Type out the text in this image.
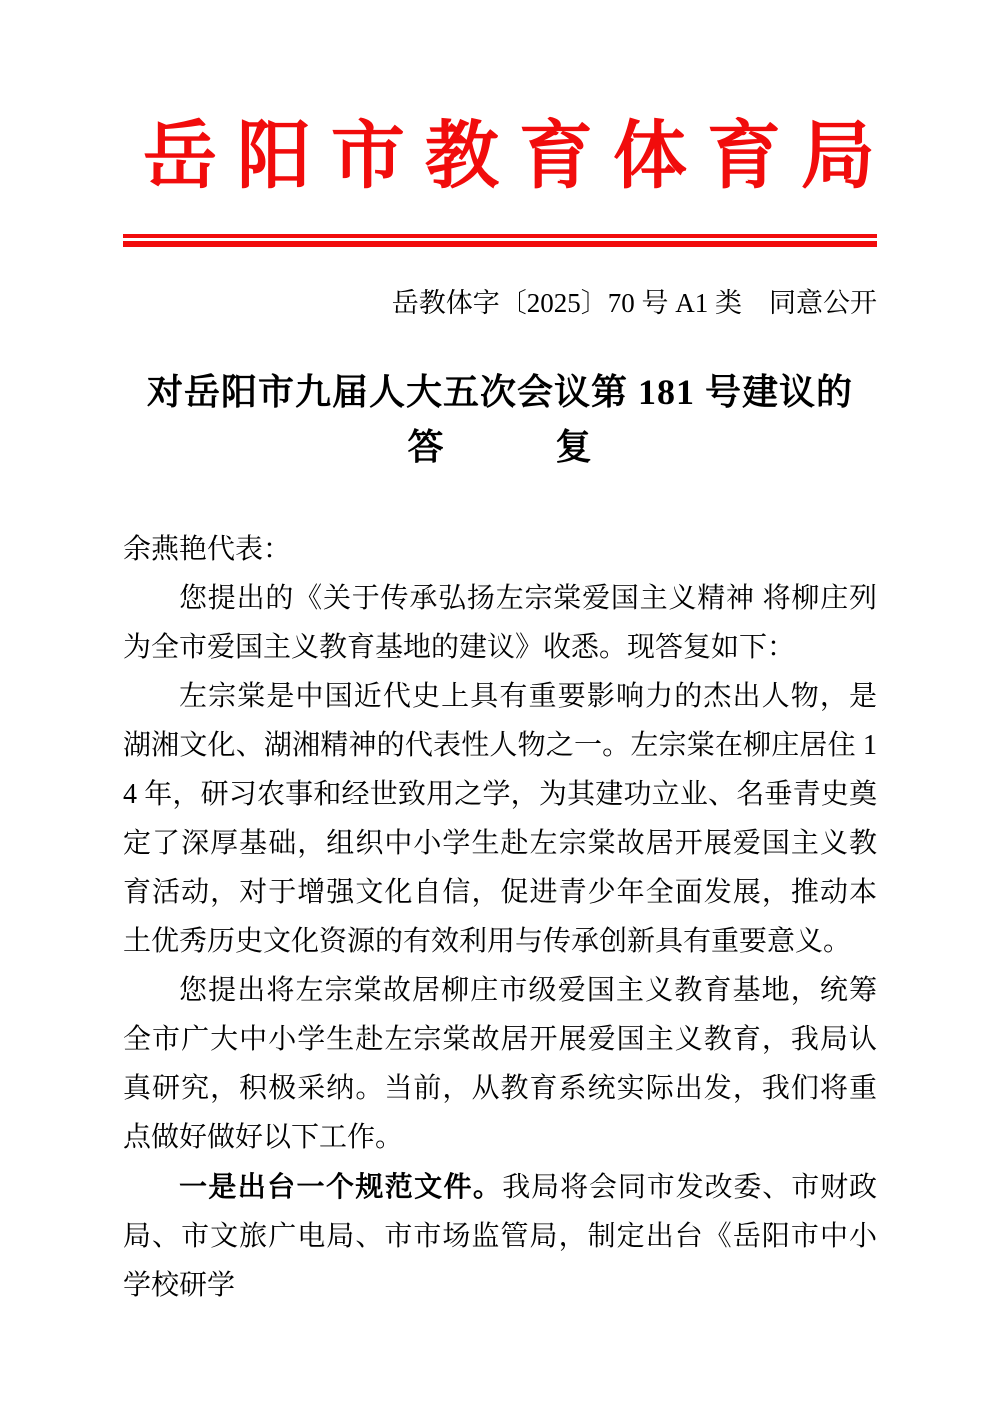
岳阳市教育体育局
岳教体字〔2025〕70 号 A1 类 同意公开
对岳阳市九届人大五次会议第 181 号建议的
答　　　复

余燕艳代表：

您提出的《关于传承弘扬左宗棠爱国主义精神 将柳庄列为全市爱国主义教育基地的建议》收悉。现答复如下：

左宗棠是中国近代史上具有重要影响力的杰出人物，是湖湘文化、湖湘精神的代表性人物之一。左宗棠在柳庄居住 14 年，研习农事和经世致用之学，为其建功立业、名垂青史奠定了深厚基础，组织中小学生赴左宗棠故居开展爱国主义教育活动，对于增强文化自信，促进青少年全面发展，推动本土优秀历史文化资源的有效利用与传承创新具有重要意义。

您提出将左宗棠故居柳庄市级爱国主义教育基地，统筹全市广大中小学生赴左宗棠故居开展爱国主义教育，我局认真研究，积极采纳。当前，从教育系统实际出发，我们将重点做好做好以下工作。

一是出台一个规范文件。我局将会同市发改委、市财政局、市文旅广电局、市市场监管局，制定出台《岳阳市中小学校研学
